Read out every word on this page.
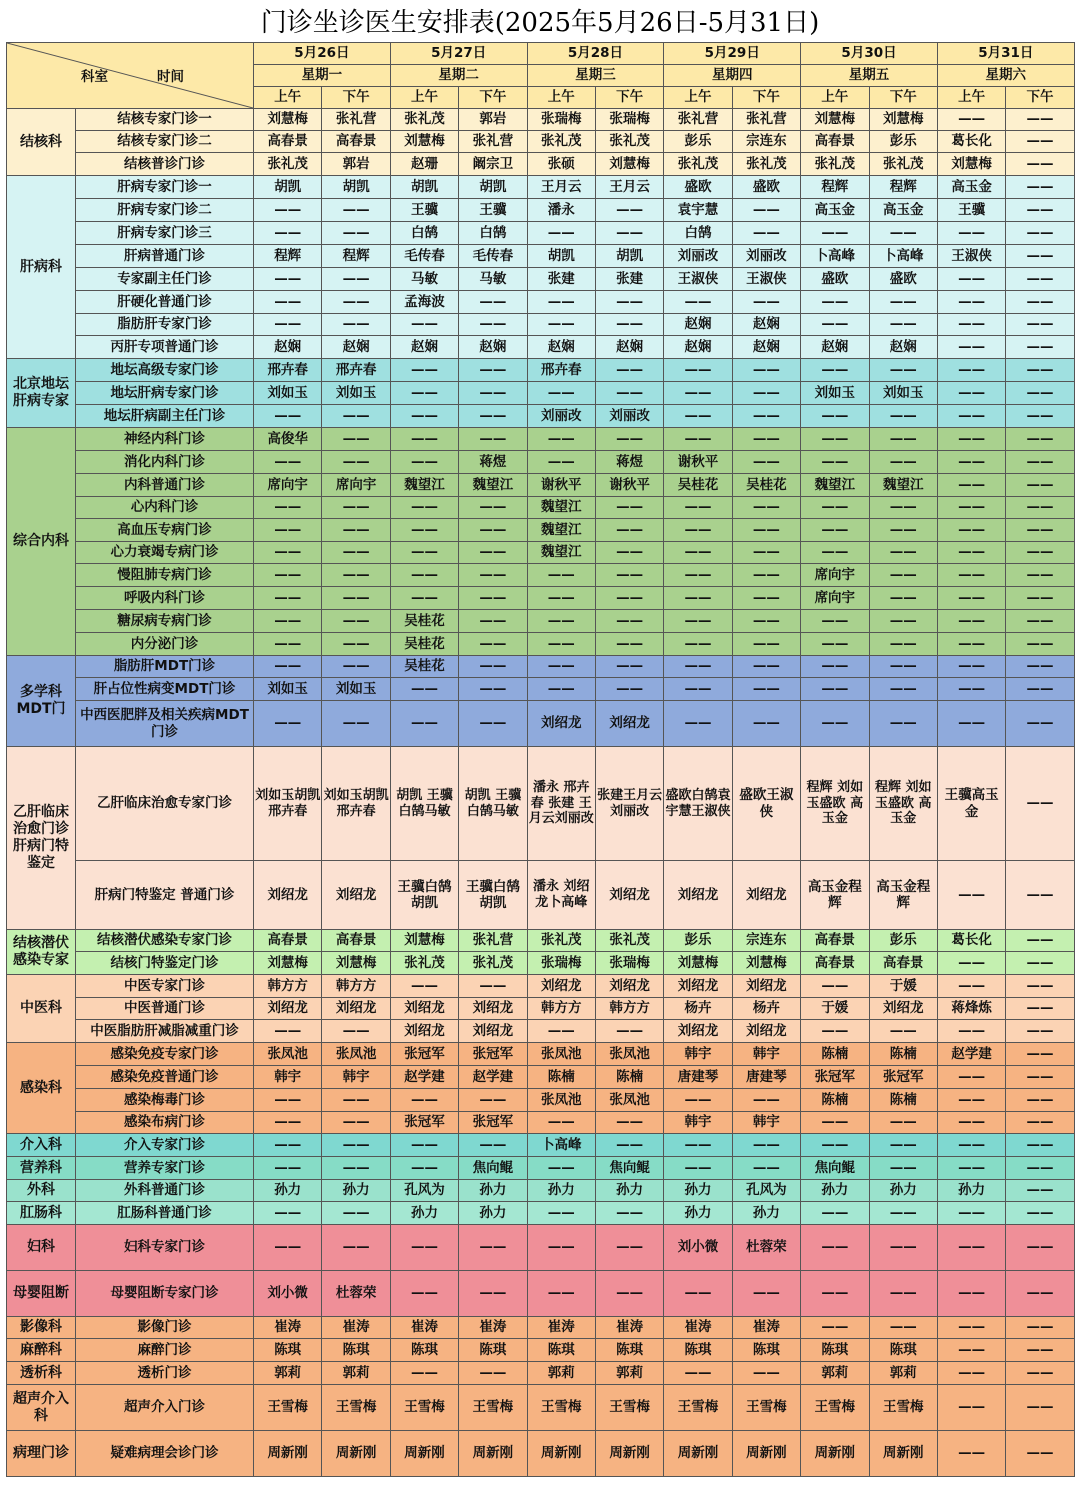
门诊坐诊医生安排表(2025年5月26日-5月31日)
科室 时间		5月26日		5月27日		5月28日		5月29日		5月30日		5月31日	
		星期一		星期二		星期三		星期四		星期五		星期六	
		上午	下午	上午	下午	上午	下午	上午	下午	上午	下午	上午	下午
结核科	结核专家门诊一	刘慧梅	张礼营	张礼茂	郭岩	张瑞梅	张瑞梅	张礼营	张礼营	刘慧梅	刘慧梅	——	——
	结核专家门诊二	高春景	高春景	刘慧梅	张礼营	张礼茂	张礼茂	彭乐	宗连东	高春景	彭乐	葛长化	——
	结核普诊门诊	张礼茂	郭岩	赵珊	阚宗卫	张硕	刘慧梅	张礼茂	张礼茂	张礼茂	张礼茂	刘慧梅	——
肝病科	肝病专家门诊一	胡凯	胡凯	胡凯	胡凯	王月云	王月云	盛欧	盛欧	程辉	程辉	高玉金	——
	肝病专家门诊二	——	——	王骥	王骥	潘永	——	袁宇慧	——	高玉金	高玉金	王骥	——
	肝病专家门诊三	——	——	白鹄	白鹄	——	——	白鹄	——	——	——	——	——
	肝病普通门诊	程辉	程辉	毛传春	毛传春	胡凯	胡凯	刘丽改	刘丽改	卜高峰	卜高峰	王淑侠	——
	专家副主任门诊	——	——	马敏	马敏	张建	张建	王淑侠	王淑侠	盛欧	盛欧	——	——
	肝硬化普通门诊	——	——	孟海波	——	——	——	——	——	——	——	——	——
	脂肪肝专家门诊	——	——	——	——	——	——	赵娴	赵娴	——	——	——	——
	丙肝专项普通门诊	赵娴	赵娴	赵娴	赵娴	赵娴	赵娴	赵娴	赵娴	赵娴	赵娴	——	——
北京地坛肝病专家	地坛高级专家门诊	邢卉春	邢卉春	——	——	邢卉春	——	——	——	——	——	——	——
	地坛肝病专家门诊	刘如玉	刘如玉	——	——	——	——	——	——	刘如玉	刘如玉	——	——
	地坛肝病副主任门诊	——	——	——	——	刘丽改	刘丽改	——	——	——	——	——	——
综合内科	神经内科门诊	高俊华	——	——	——	——	——	——	——	——	——	——	——
	消化内科门诊	——	——	——	蒋煜	——	蒋煜	谢秋平	——	——	——	——	——
	内科普通门诊	席向宇	席向宇	魏望江	魏望江	谢秋平	谢秋平	吴桂花	吴桂花	魏望江	魏望江	——	——
	心内科门诊	——	——	——	——	魏望江	——	——	——	——	——	——	——
	高血压专病门诊	——	——	——	——	魏望江	——	——	——	——	——	——	——
	心力衰竭专病门诊	——	——	——	——	魏望江	——	——	——	——	——	——	——
	慢阻肺专病门诊	——	——	——	——	——	——	——	——	席向宇	——	——	——
	呼吸内科门诊	——	——	——	——	——	——	——	——	席向宇	——	——	——
	糖尿病专病门诊	——	——	吴桂花	——	——	——	——	——	——	——	——	——
	内分泌门诊	——	——	吴桂花	——	——	——	——	——	——	——	——	——
多学科MDT门	脂肪肝MDT门诊	——	——	吴桂花	——	——	——	——	——	——	——	——	——
	肝占位性病变MDT门诊	刘如玉	刘如玉	——	——	——	——	——	——	——	——	——	——
	中西医肥胖及相关疾病MDT门诊	——	——	——	——	刘绍龙	刘绍龙	——	——	——	——	——	——
乙肝临床治愈门诊肝病门特鉴定	乙肝临床治愈专家门诊	刘如玉胡凯 邢卉春	刘如玉胡凯 邢卉春	胡凯 王骥 白鹄马敏	胡凯 王骥 白鹄马敏	潘永 邢卉春 张建 王月云刘丽改	张建王月云刘丽改	盛欧白鹄袁宇慧王淑侠	盛欧王淑侠	程辉 刘如玉盛欧 高玉金	程辉 刘如玉盛欧 高玉金	王骥高玉金	——
	肝病门特鉴定 普通门诊	刘绍龙	刘绍龙	王骥白鹄胡凯	王骥白鹄胡凯	潘永 刘绍龙卜高峰	刘绍龙	刘绍龙	刘绍龙	高玉金程辉	高玉金程辉	——	——
结核潜伏感染专家	结核潜伏感染专家门诊	高春景	高春景	刘慧梅	张礼营	张礼茂	张礼茂	彭乐	宗连东	高春景	彭乐	葛长化	——
	结核门特鉴定门诊	刘慧梅	刘慧梅	张礼茂	张礼茂	张瑞梅	张瑞梅	刘慧梅	刘慧梅	高春景	高春景	——	——
中医科	中医专家门诊	韩方方	韩方方	——	——	刘绍龙	刘绍龙	刘绍龙	刘绍龙	——	于媛	——	——
	中医普通门诊	刘绍龙	刘绍龙	刘绍龙	刘绍龙	韩方方	韩方方	杨卉	杨卉	于媛	刘绍龙	蒋烽炼	——
	中医脂肪肝减脂减重门诊	——	——	刘绍龙	刘绍龙	——	——	刘绍龙	刘绍龙	——	——	——	——
感染科	感染免疫专家门诊	张凤池	张凤池	张冠军	张冠军	张凤池	张凤池	韩宇	韩宇	陈楠	陈楠	赵学建	——
	感染免疫普通门诊	韩宇	韩宇	赵学建	赵学建	陈楠	陈楠	唐建琴	唐建琴	张冠军	张冠军	——	——
	感染梅毒门诊	——	——	——	——	张凤池	张凤池	——	——	陈楠	陈楠	——	——
	感染布病门诊	——	——	张冠军	张冠军	——	——	韩宇	韩宇	——	——	——	——
介入科	介入专家门诊	——	——	——	——	卜高峰	——	——	——	——	——	——	——
营养科	营养专家门诊	——	——	——	焦向鲲	——	焦向鲲	——	——	焦向鲲	——	——	——
外科	外科普通门诊	孙力	孙力	孔风为	孙力	孙力	孙力	孙力	孔风为	孙力	孙力	孙力	——
肛肠科	肛肠科普通门诊	——	——	孙力	孙力	——	——	孙力	孙力	——	——	——	——
妇科	妇科专家门诊	——	——	——	——	——	——	刘小微	杜蓉荣	——	——	——	——
母婴阻断	母婴阻断专家门诊	刘小微	杜蓉荣	——	——	——	——	——	——	——	——	——	——
影像科	影像门诊	崔涛	崔涛	崔涛	崔涛	崔涛	崔涛	崔涛	崔涛	——	——	——	——
麻醉科	麻醉门诊	陈琪	陈琪	陈琪	陈琪	陈琪	陈琪	陈琪	陈琪	陈琪	陈琪	——	——
透析科	透析门诊	郭莉	郭莉	——	——	郭莉	郭莉	——	——	郭莉	郭莉	——	——
超声介入科	超声介入门诊	王雪梅	王雪梅	王雪梅	王雪梅	王雪梅	王雪梅	王雪梅	王雪梅	王雪梅	王雪梅	——	——
病理门诊	疑难病理会诊门诊	周新刚	周新刚	周新刚	周新刚	周新刚	周新刚	周新刚	周新刚	周新刚	周新刚	——	——
